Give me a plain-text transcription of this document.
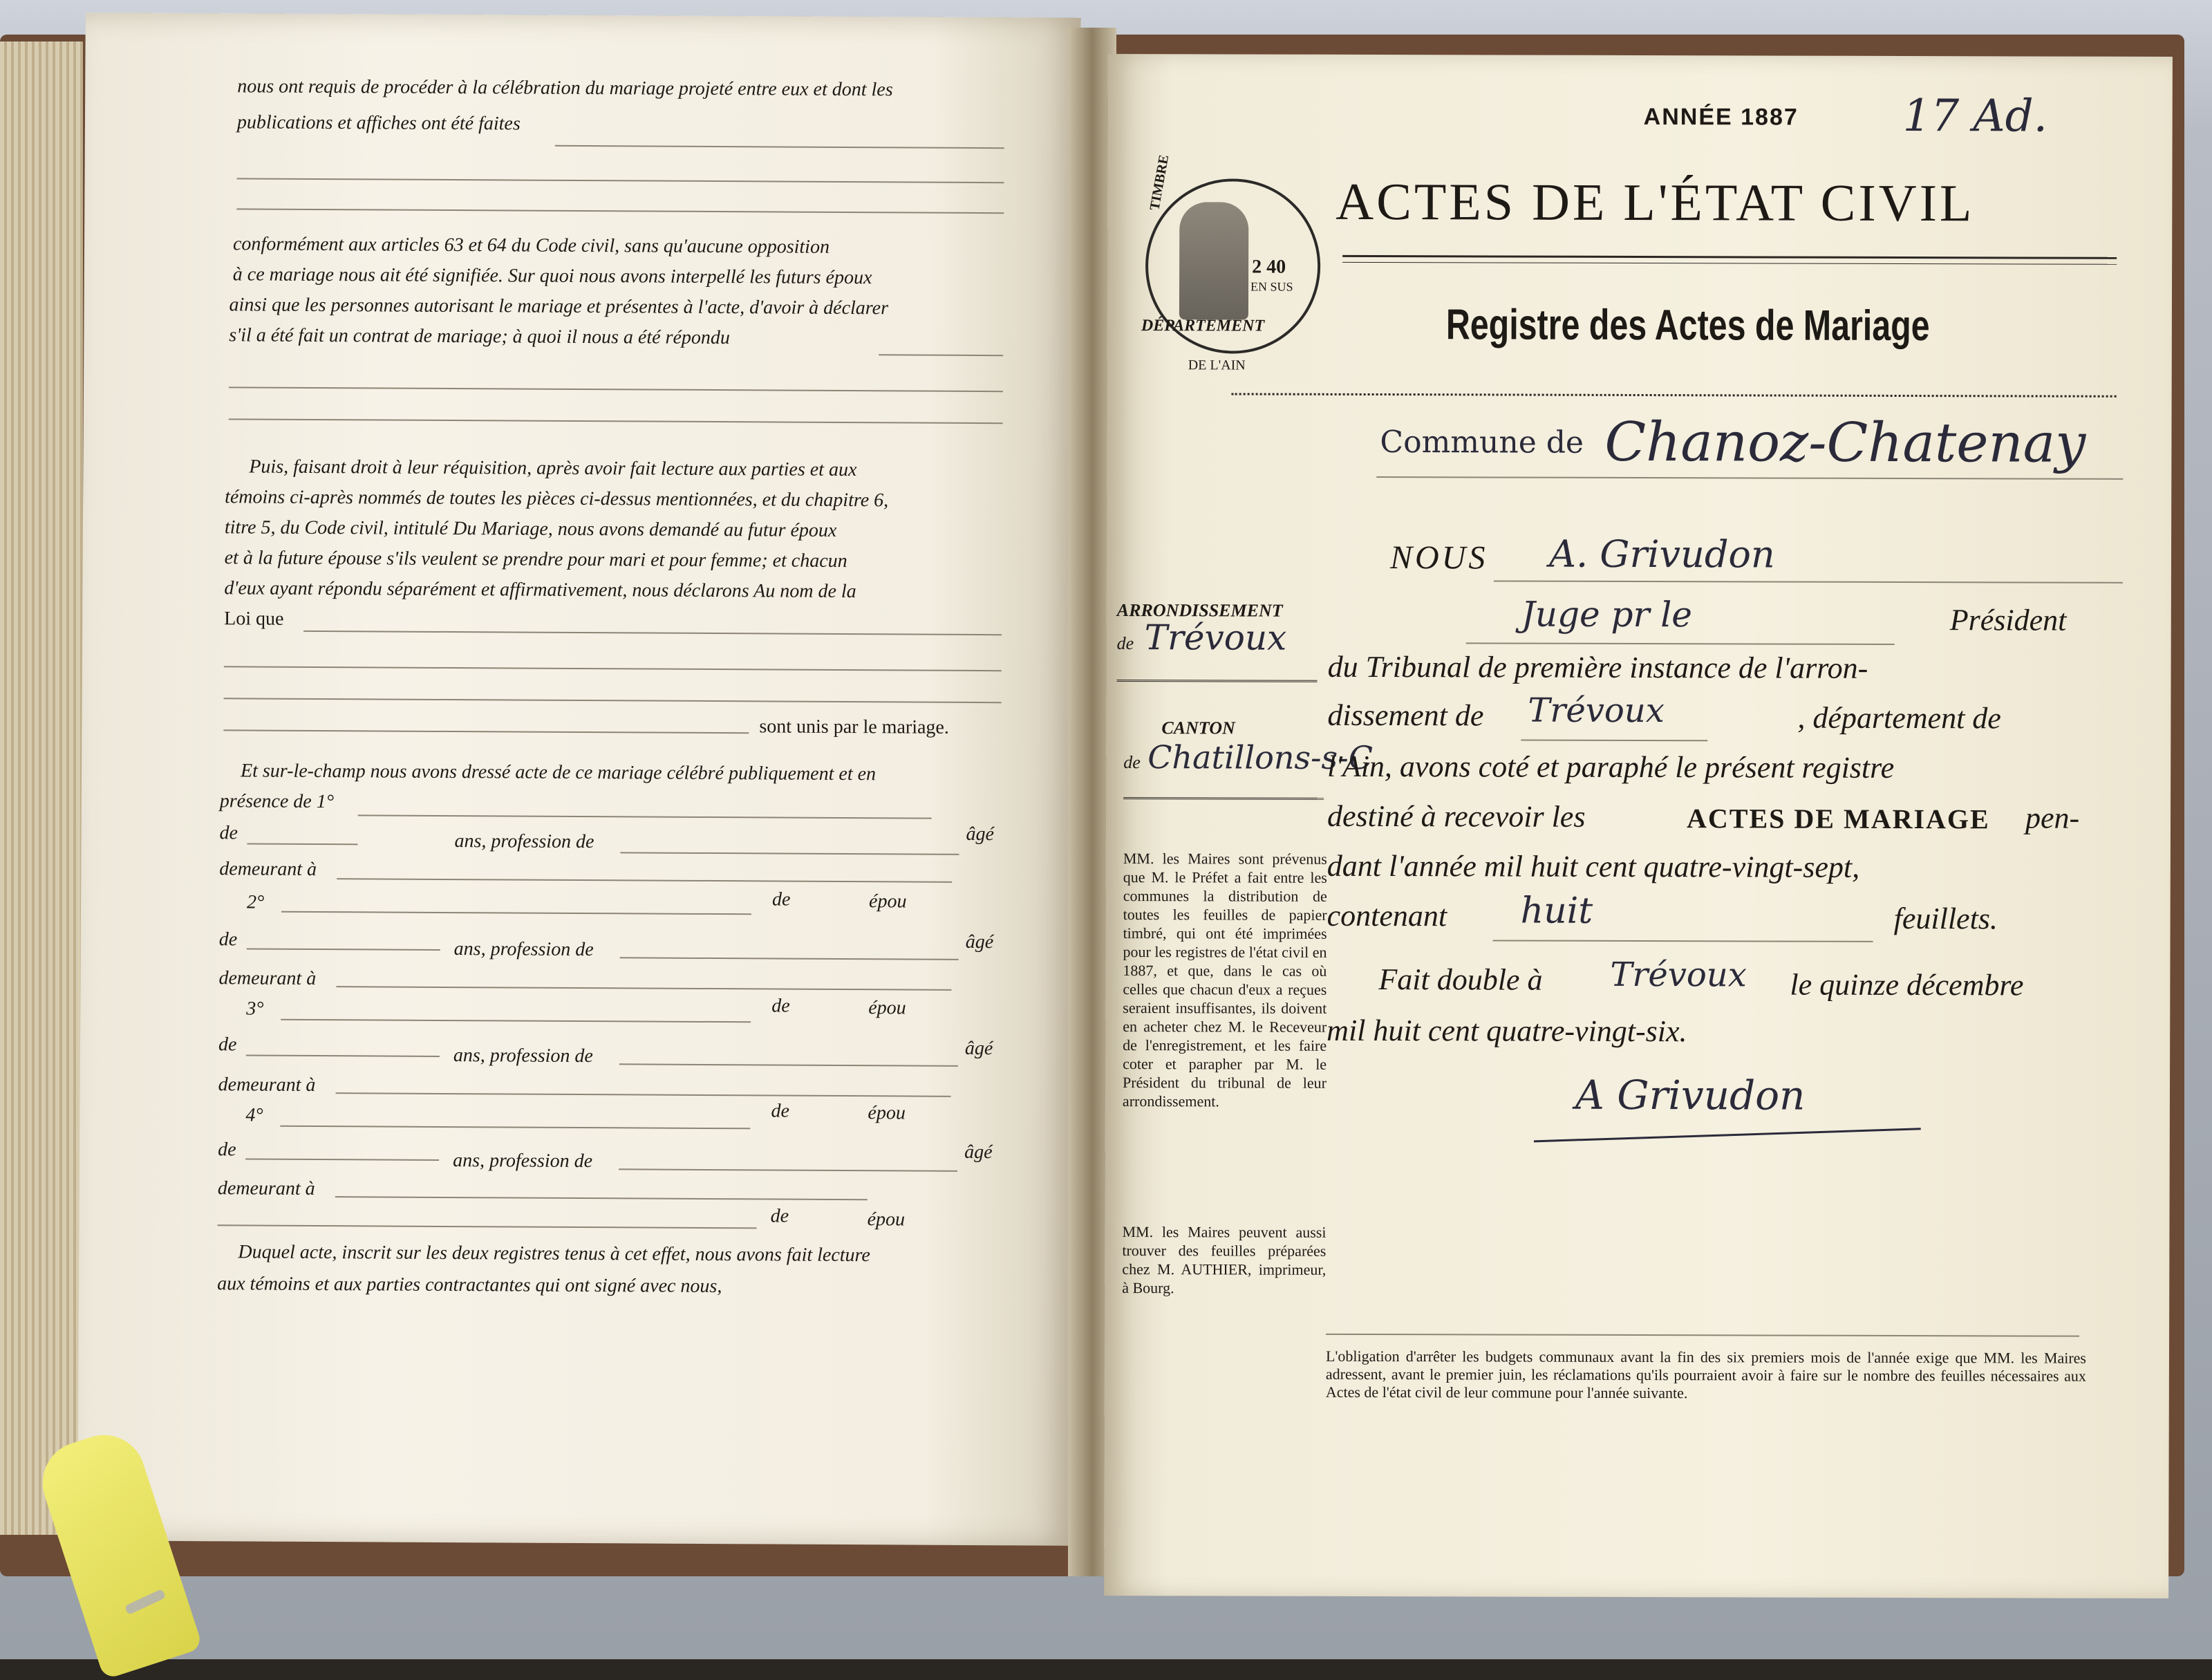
nous ont requis de procéder à la célébration du mariage projeté entre eux et dont les
publications et affiches ont été faites
conformément aux articles 63 et 64 du Code civil, sans qu'aucune opposition
à ce mariage nous ait été signifiée. Sur quoi nous avons interpellé les futurs époux
ainsi que les personnes autorisant le mariage et présentes à l'acte, d'avoir à déclarer
s'il a été fait un contrat de mariage; à quoi il nous a été répondu
Puis, faisant droit à leur réquisition, après avoir fait lecture aux parties et aux
témoins ci-après nommés de toutes les pièces ci-dessus mentionnées, et du chapitre 6,
titre 5, du Code civil, intitulé Du Mariage, nous avons demandé au futur époux
et à la future épouse s'ils veulent se prendre pour mari et pour femme; et chacun
d'eux ayant répondu séparément et affirmativement, nous déclarons Au nom de la
Loi que
sont unis par le mariage.
Et sur-le-champ nous avons dressé acte de ce mariage célébré publiquement et en
présence de 1°
de	âgé
ans, profession de
demeurant à
2°	de	épou
de	ans, profession de	âgé
demeurant à
3°	de	épou
de
ans, profession de	âgé
demeurant à
4°	de	épou
de
ans, profession de	âgé
demeurant à
de	épou
Duquel acte, inscrit sur les deux registres tenus à cet effet, nous avons fait lecture
aux témoins et aux parties contractantes qui ont signé avec nous,
ANNÉE 1887 17 Ad.
ACTES DE L'ÉTAT CIVIL
Registre des Actes de Mariage
TIMBRE
2 40
EN SUS
DÉPARTEMENT
DE L'AIN
Commune de Chanoz-Chatenay
NOUS A. Grivudon
ARRONDISSEMENT
de Trévoux
CANTON
de Chatillons-s-C
MM. les Maires sont prévenus que M. le Préfet a fait entre les communes la distribution de toutes les feuilles de papier timbré, qui ont été imprimées pour les registres de l'état civil en 1887, et que, dans le cas où celles que chacun d'eux a reçues seraient insuffisantes, ils doivent en acheter chez M. le Receveur de l'enregistrement, et les faire coter et parapher par M. le Président du tribunal de leur arrondissement.
MM. les Maires peuvent aussi trouver des feuilles préparées chez M. AUTHIER, imprimeur, à Bourg.
Juge pr le	Président
du Tribunal de première instance de l'arron-
dissement de Trévoux	, département de
l'Ain, avons coté et paraphé le présent registre
destiné à recevoir les	ACTES DE MARIAGE pen-
dant l'année mil huit cent quatre-vingt-sept,
contenant huit	feuillets.
Fait double à Trévoux le quinze décembre
mil huit cent quatre-vingt-six.
A Grivudon
L'obligation d'arrêter les budgets communaux avant la fin des six premiers mois de l'année exige que MM. les Maires adressent, avant le premier juin, les réclamations qu'ils pourraient avoir à faire sur le nombre des feuilles nécessaires aux Actes de l'état civil de leur commune pour l'année suivante.
